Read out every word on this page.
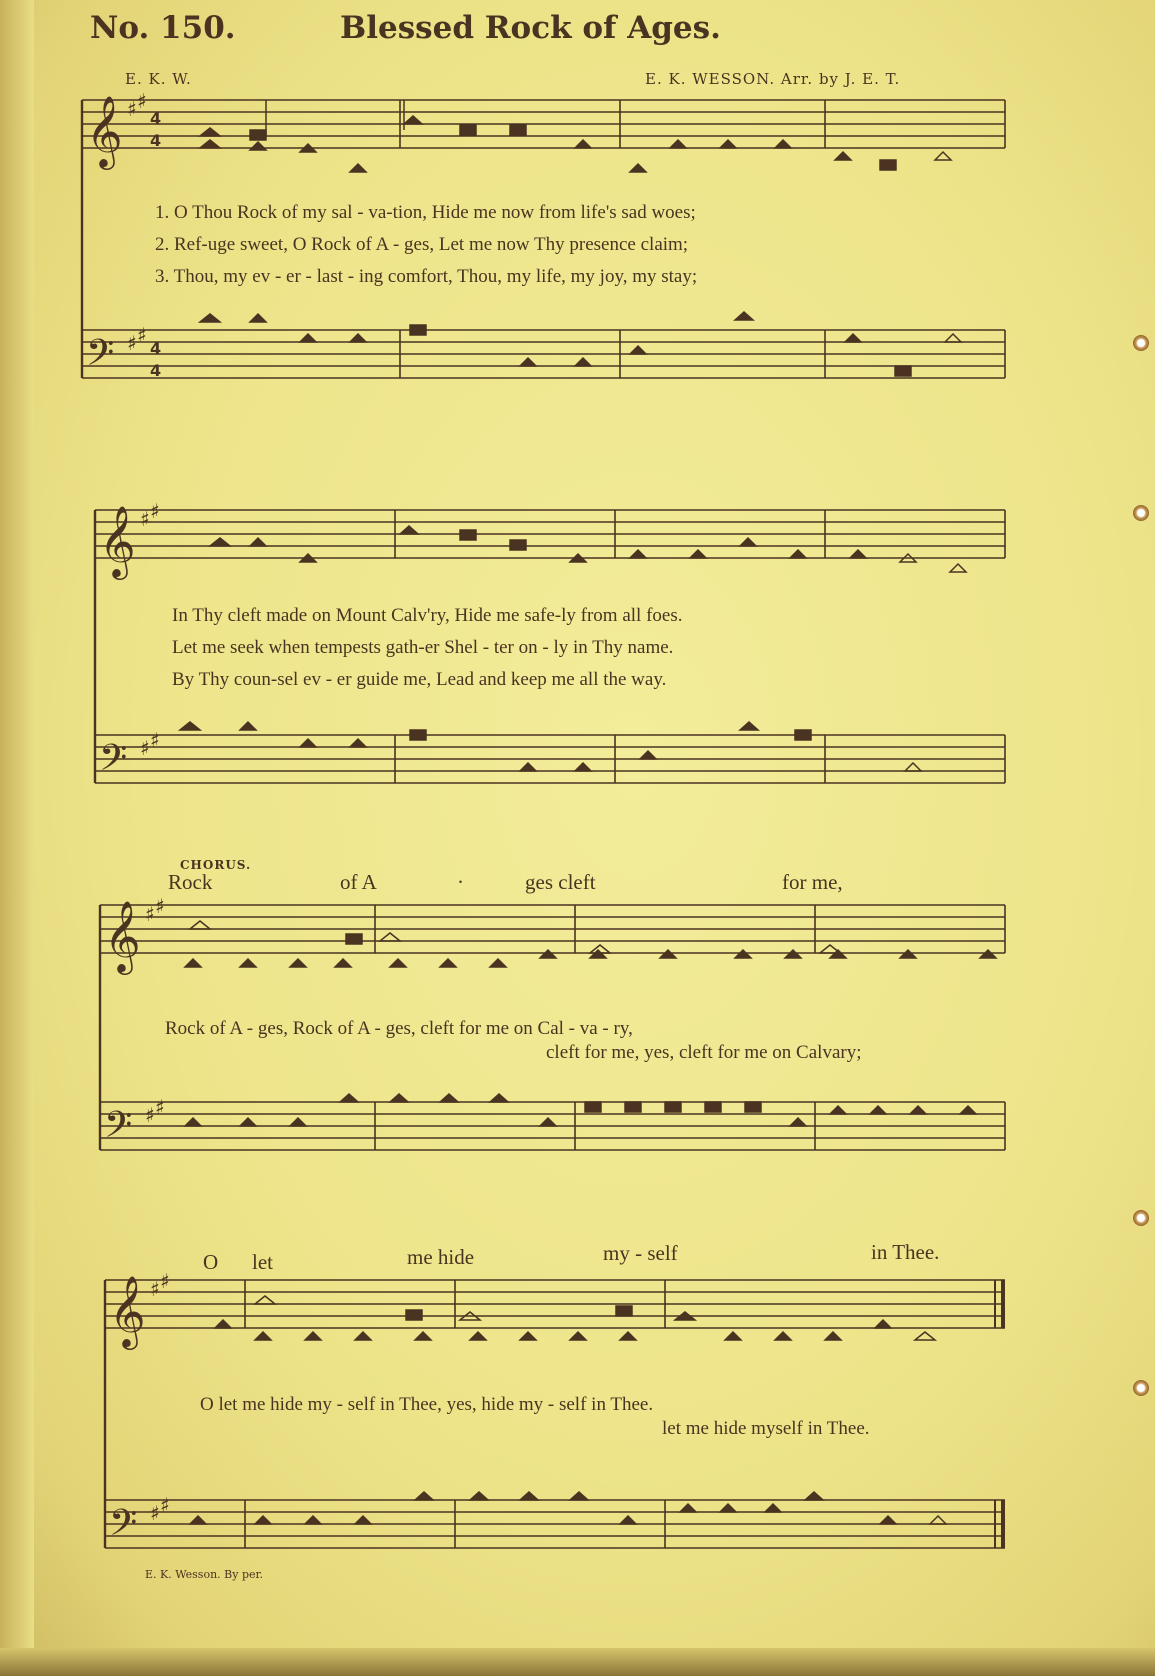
No. 150.	Blessed Rock of Ages.
E. K. W.	E. K. WESSON. Arr. by J. E. T.
𝄞 ♯ ♯
4
4
𝄢 ♯ ♯
4
4
𝄞 ♯ ♯
𝄢 ♯ ♯
𝄞 ♯ ♯
𝄢 ♯ ♯
𝄞 ♯ ♯
𝄢 ♯ ♯
1. O Thou Rock of my sal - va-tion, Hide me now from life's sad woes;
2. Ref-uge sweet, O Rock of A - ges, Let me now Thy presence claim;
3. Thou, my ev - er - last - ing comfort, Thou, my life, my joy, my stay;
In Thy cleft made on Mount Calv'ry, Hide me safe-ly from all foes.
Let me seek when tempests gath-er Shel - ter on - ly in Thy name.
By Thy coun-sel ev - er guide me, Lead and keep me all the way.
CHORUS.
Rock	of A	·	ges cleft	for me,
Rock of A - ges, Rock of A - ges, cleft for me on Cal - va - ry,
cleft for me, yes, cleft for me on Calvary;
O let	me hide	my - self	in Thee.
O let me hide my - self in Thee, yes, hide my - self in Thee.
let me hide myself in Thee.
E. K. Wesson. By per.
